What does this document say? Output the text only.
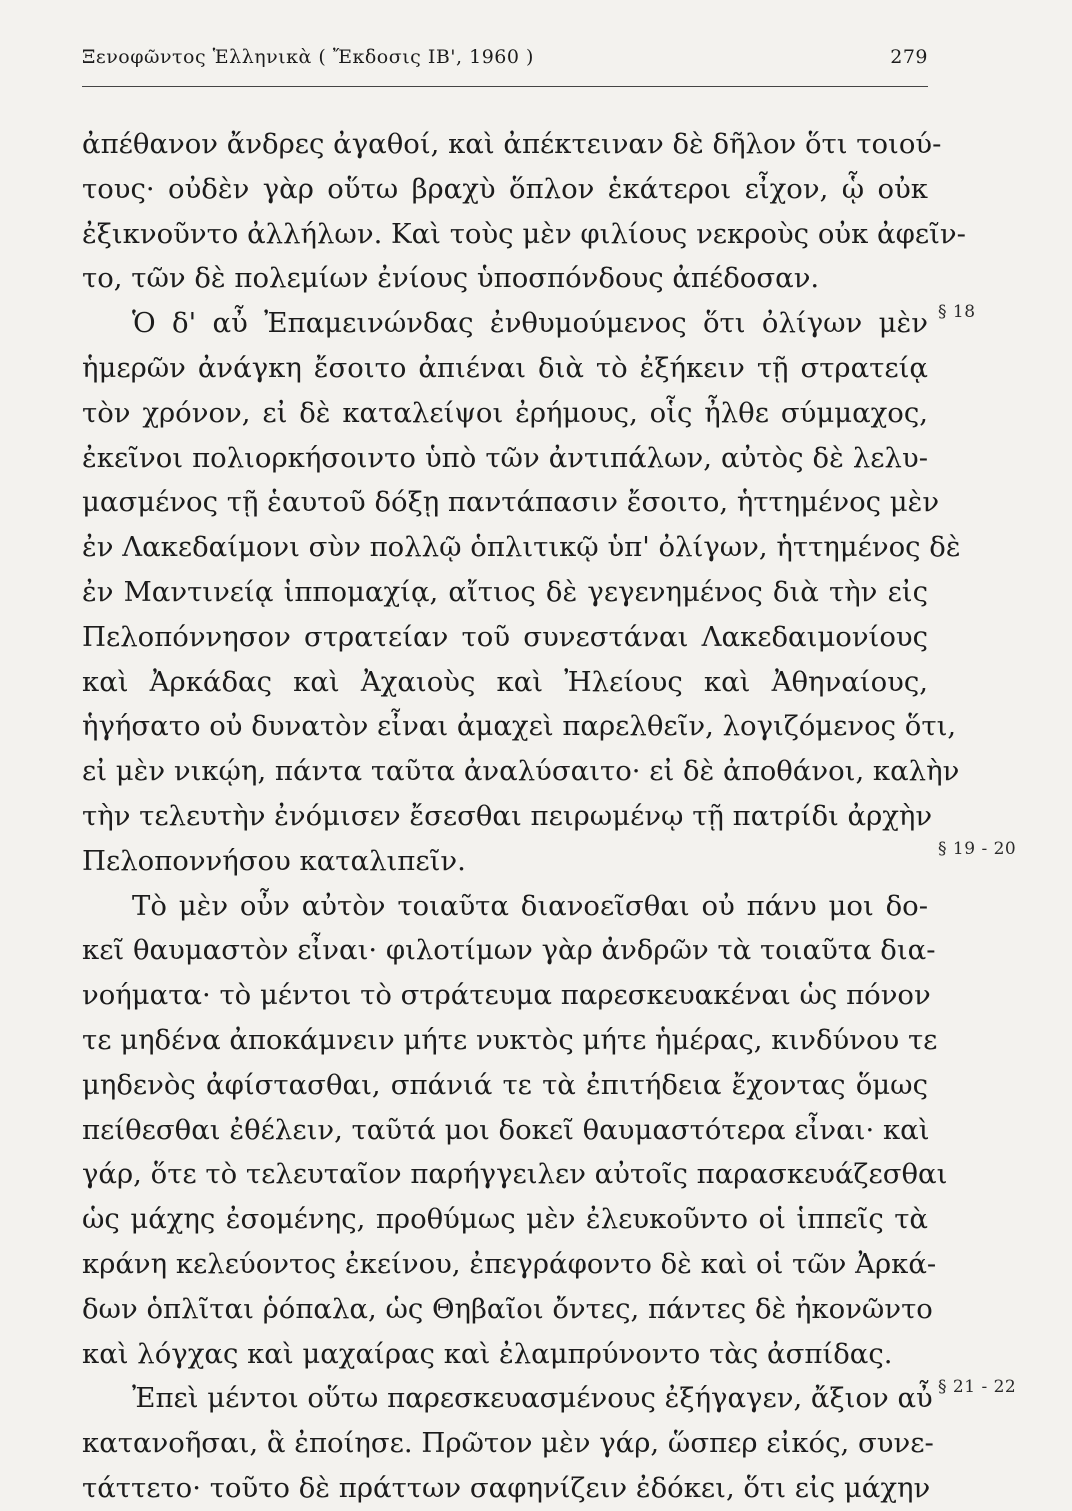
Ξενοφῶντος Ἑλληνικὰ ( Ἔκδοσις ΙΒ', 1960 )	279
ἀπέθανον ἄνδρες ἀγαθοί, καὶ ἀπέκτειναν δὲ δῆλον ὅτι τοιού-
τους· οὐδὲν γὰρ οὕτω βραχὺ ὅπλον ἑκάτεροι εἶχον, ᾧ οὐκ
ἐξικνοῦντο ἀλλήλων. Καὶ τοὺς μὲν φιλίους νεκροὺς οὐκ ἀφεῖν-
το, τῶν δὲ πολεμίων ἐνίους ὑποσπόνδους ἀπέδοσαν.
Ὁ δ' αὖ Ἐπαμεινώνδας ἐνθυμούμενος ὅτι ὀλίγων μὲν
ἡμερῶν ἀνάγκη ἔσοιτο ἀπιέναι διὰ τὸ ἐξήκειν τῇ στρατείᾳ
τὸν χρόνον, εἰ δὲ καταλείψοι ἐρήμους, οἷς ἦλθε σύμμαχος,
ἐκεῖνοι πολιορκήσοιντο ὑπὸ τῶν ἀντιπάλων, αὐτὸς δὲ λελυ-
μασμένος τῇ ἑαυτοῦ δόξῃ παντάπασιν ἔσοιτο, ἡττημένος μὲν
ἐν Λακεδαίμονι σὺν πολλῷ ὁπλιτικῷ ὑπ' ὀλίγων, ἡττημένος δὲ
ἐν Μαντινείᾳ ἱππομαχίᾳ, αἴτιος δὲ γεγενημένος διὰ τὴν εἰς
Πελοπόννησον στρατείαν τοῦ συνεστάναι Λακεδαιμονίους
καὶ Ἀρκάδας καὶ Ἀχαιοὺς καὶ Ἠλείους καὶ Ἀθηναίους,
ἡγήσατο οὐ δυνατὸν εἶναι ἀμαχεὶ παρελθεῖν, λογιζόμενος ὅτι,
εἰ μὲν νικῴη, πάντα ταῦτα ἀναλύσαιτο· εἰ δὲ ἀποθάνοι, καλὴν
τὴν τελευτὴν ἐνόμισεν ἔσεσθαι πειρωμένῳ τῇ πατρίδι ἀρχὴν
Πελοποννήσου καταλιπεῖν.
Τὸ μὲν οὖν αὐτὸν τοιαῦτα διανοεῖσθαι οὐ πάνυ μοι δο-
κεῖ θαυμαστὸν εἶναι· φιλοτίμων γὰρ ἀνδρῶν τὰ τοιαῦτα δια-
νοήματα· τὸ μέντοι τὸ στράτευμα παρεσκευακέναι ὡς πόνον
τε μηδένα ἀποκάμνειν μήτε νυκτὸς μήτε ἡμέρας, κινδύνου τε
μηδενὸς ἀφίστασθαι, σπάνιά τε τὰ ἐπιτήδεια ἔχοντας ὅμως
πείθεσθαι ἐθέλειν, ταῦτά μοι δοκεῖ θαυμαστότερα εἶναι· καὶ
γάρ, ὅτε τὸ τελευταῖον παρήγγειλεν αὐτοῖς παρασκευάζεσθαι
ὡς μάχης ἐσομένης, προθύμως μὲν ἐλευκοῦντο οἱ ἱππεῖς τὰ
κράνη κελεύοντος ἐκείνου, ἐπεγράφοντο δὲ καὶ οἱ τῶν Ἀρκά-
δων ὁπλῖται ῥόπαλα, ὡς Θηβαῖοι ὄντες, πάντες δὲ ἠκονῶντο
καὶ λόγχας καὶ μαχαίρας καὶ ἐλαμπρύνοντο τὰς ἀσπίδας.
Ἐπεὶ μέντοι οὕτω παρεσκευασμένους ἐξήγαγεν, ἄξιον αὖ
κατανοῆσαι, ἃ ἐποίησε. Πρῶτον μὲν γάρ, ὥσπερ εἰκός, συνε-
τάττετο· τοῦτο δὲ πράττων σαφηνίζειν ἐδόκει, ὅτι εἰς μάχην
§ 18
§ 19 - 20
§ 21 - 22
